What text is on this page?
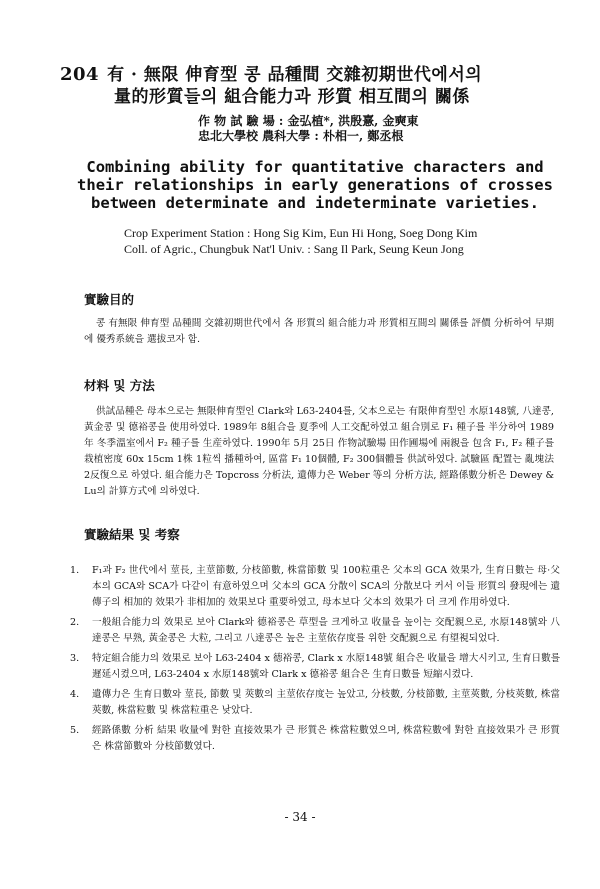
204 有 · 無限 伸育型 콩 品種間 交雜初期世代에서의
量的形質들의 組合能力과 形質 相互間의 關係
作 物 試 驗 場 : 金弘植*, 洪殷憙, 金奭東
忠北大學校 農科大學 : 朴相一, 鄭丞根
Combining ability for quantitative characters and
their relationships in early generations of crosses
between determinate and indeterminate varieties.
Crop Experiment Station : Hong Sig Kim, Eun Hi Hong, Soeg Dong Kim
Coll. of Agric., Chungbuk Nat'l Univ. : Sang Il Park, Seung Keun Jong
實驗目的

콩 有無限 伸育型 品種間 交雜初期世代에서 各 形質의 組合能力과 形質相互間의 關係를 評價 分析하여 早期에 優秀系統을 選拔코자 함.

材料 및 方法

供試品種은 母本으로는 無限伸育型인 Clark와 L63-2404를, 父本으로는 有限伸育型인 水原148號, 八達콩, 黃金콩 및 德裕콩을 使用하였다. 1989年 8組合을 夏季에 人工交配하였고 組合別로 F₁ 種子를 半分하여 1989年 冬季溫室에서 F₂ 種子를 生産하였다. 1990年 5月 25日 作物試驗場 田作圃場에 兩親을 包含 F₁, F₂ 種子를 栽植密度 60x 15cm 1株 1粒씩 播種하여, 區當 F₁ 10個體, F₂ 300個體를 供試하였다. 試驗區 配置는 亂塊法 2反復으로 하였다. 組合能力은 Topcross 分析法, 遺傳力은 Weber 等의 分析方法, 經路係數分析은 Dewey & Lu의 計算方式에 의하였다.

實驗結果 및 考察
1. F₁과 F₂ 世代에서 莖長, 主莖節數, 分枝節數, 株當節數 및 100粒重은 父本의 GCA 效果가, 生育日數는 母·父本의 GCA와 SCA가 다같이 有意하였으며 父本의 GCA 分散이 SCA의 分散보다 커서 이들 形質의 發現에는 遺傳子의 相加的 效果가 非相加的 效果보다 重要하였고, 母本보다 父本의 效果가 더 크게 作用하였다.
2. 一般組合能力의 效果로 보아 Clark와 德裕콩은 草型을 크게하고 收量을 높이는 交配親으로, 水原148號와 八達콩은 早熟, 黃金콩은 大粒, 그리고 八達콩은 높은 主莖依存度를 위한 交配親으로 有望視되었다.
3. 特定組合能力의 效果로 보아 L63-2404 x 德裕콩, Clark x 水原148號 組合은 收量을 增大시키고, 生育日數를 遲延시켰으며, L63-2404 x 水原148號와 Clark x 德裕콩 組合은 生育日數를 短縮시켰다.
4. 遺傳力은 生育日數와 莖長, 節數 및 莢數의 主莖依存度는 높았고, 分枝數, 分枝節數, 主莖莢數, 分枝莢數, 株當莢數, 株當粒數 및 株當粒重은 낮았다.
5. 經路係數 分析 結果 收量에 對한 直接效果가 큰 形質은 株當粒數였으며, 株當粒數에 對한 直接效果가 큰 形質은 株當節數와 分枝節數였다.
- 34 -
